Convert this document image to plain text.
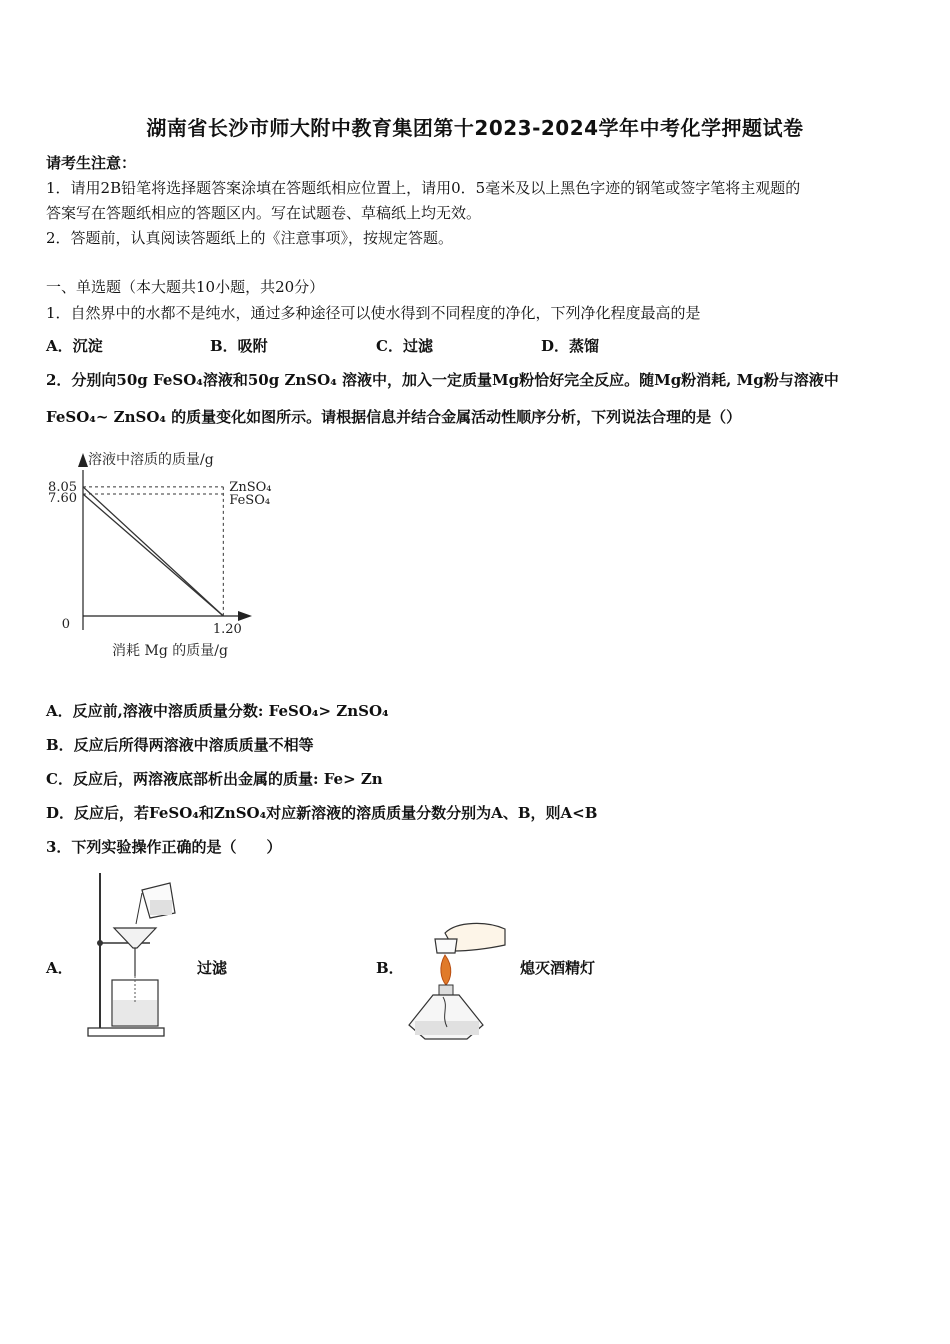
湖南省长沙市师大附中教育集团第十2023-2024学年中考化学押题试卷
请考生注意：
1．请用2B铅笔将选择题答案涂填在答题纸相应位置上，请用0．5毫米及以上黑色字迹的钢笔或签字笔将主观题的
答案写在答题纸相应的答题区内。写在试题卷、草稿纸上均无效。
2．答题前，认真阅读答题纸上的《注意事项》，按规定答题。
一、单选题（本大题共10小题，共20分）
1．自然界中的水都不是纯水，通过多种途径可以使水得到不同程度的净化，下列净化程度最高的是
A．沉淀	B．吸附	C．过滤	D．蒸馏
2．分别向50g FeSO₄溶液和50g ZnSO₄ 溶液中，加入一定质量Mg粉恰好完全反应。随Mg粉消耗, Mg粉与溶液中
FeSO₄~ ZnSO₄ 的质量变化如图所示。请根据信息并结合金属活动性顺序分析，下列说法合理的是（）
溶液中溶质的质量/g
8.05
7.60
0	1.20
消耗 Mg 的质量/g
ZnSO₄
FeSO₄
A．反应前,溶液中溶质质量分数: FeSO₄> ZnSO₄
B．反应后所得两溶液中溶质质量不相等
C．反应后，两溶液底部析出金属的质量: Fe> Zn
D．反应后，若FeSO₄和ZnSO₄对应新溶液的溶质质量分数分别为A、B，则A<B
3．下列实验操作正确的是（　　）
A．	过滤	B．	熄灭酒精灯
